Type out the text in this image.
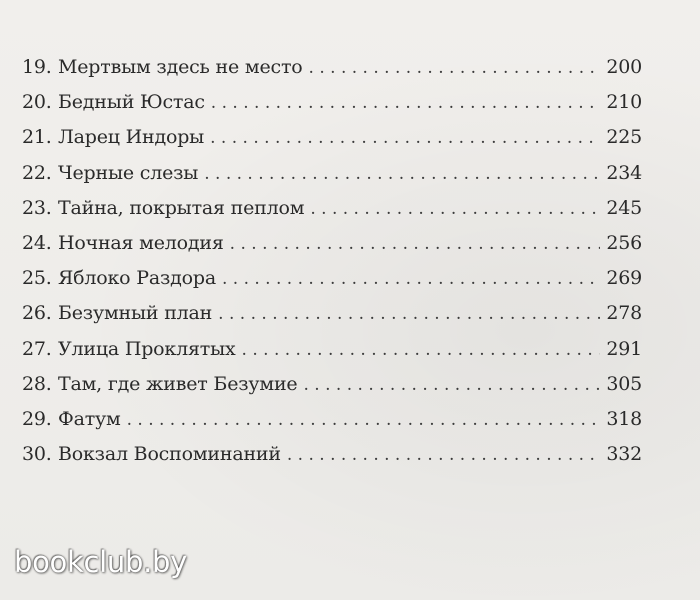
19. Мертвым здесь не место . . .	200
20. Бедный Юстас . . .	210
21. Ларец Индоры . . .	225
22. Черные слезы . . .	234
23. Тайна, покрытая пеплом . . .	245
24. Ночная мелодия . . .	256
25. Яблоко Раздора . . .	269
26. Безумный план . . .	278
27. Улица Проклятых . . .	291
28. Там, где живет Безумие . . .	305
29. Фатум . . .	318
30. Вокзал Воспоминаний . . .	332
bookclub.by
